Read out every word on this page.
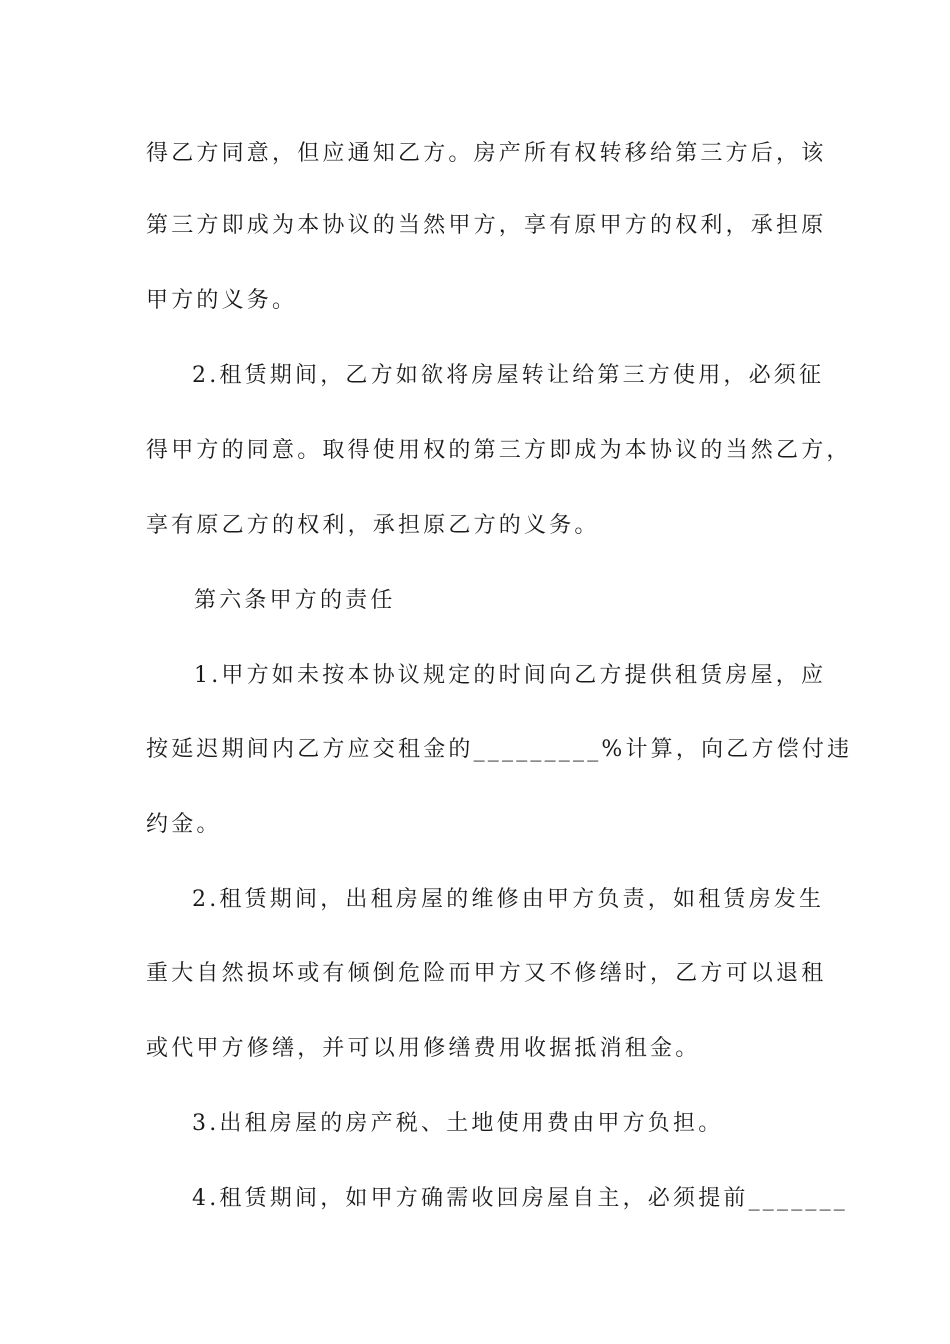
得乙方同意，但应通知乙方。房产所有权转移给第三方后，该
第三方即成为本协议的当然甲方，享有原甲方的权利，承担原
甲方的义务。
2.租赁期间，乙方如欲将房屋转让给第三方使用，必须征
得甲方的同意。取得使用权的第三方即成为本协议的当然乙方，
享有原乙方的权利，承担原乙方的义务。
第六条甲方的责任
1.甲方如未按本协议规定的时间向乙方提供租赁房屋，应
按延迟期间内乙方应交租金的_________%计算，向乙方偿付违
约金。
2.租赁期间，出租房屋的维修由甲方负责，如租赁房发生
重大自然损坏或有倾倒危险而甲方又不修缮时，乙方可以退租
或代甲方修缮，并可以用修缮费用收据抵消租金。
3.出租房屋的房产税、土地使用费由甲方负担。
4.租赁期间，如甲方确需收回房屋自主，必须提前_______
